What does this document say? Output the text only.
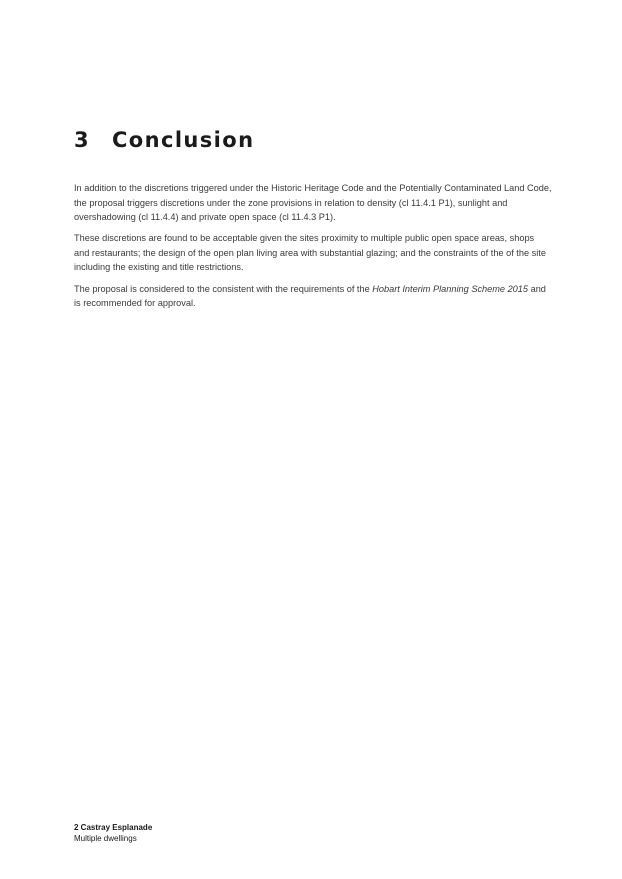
3	Conclusion

In addition to the discretions triggered under the Historic Heritage Code and the Potentially Contaminated Land Code, the proposal triggers discretions under the zone provisions in relation to density (cl 11.4.1 P1), sunlight and overshadowing (cl 11.4.4) and private open space (cl 11.4.3 P1).

These discretions are found to be acceptable given the sites proximity to multiple public open space areas, shops and restaurants; the design of the open plan living area with substantial glazing; and the constraints of the of the site including the existing and title restrictions.

The proposal is considered to the consistent with the requirements of the Hobart Interim Planning Scheme 2015 and is recommended for approval.

2 Castray Esplanade
Multiple dwellings
